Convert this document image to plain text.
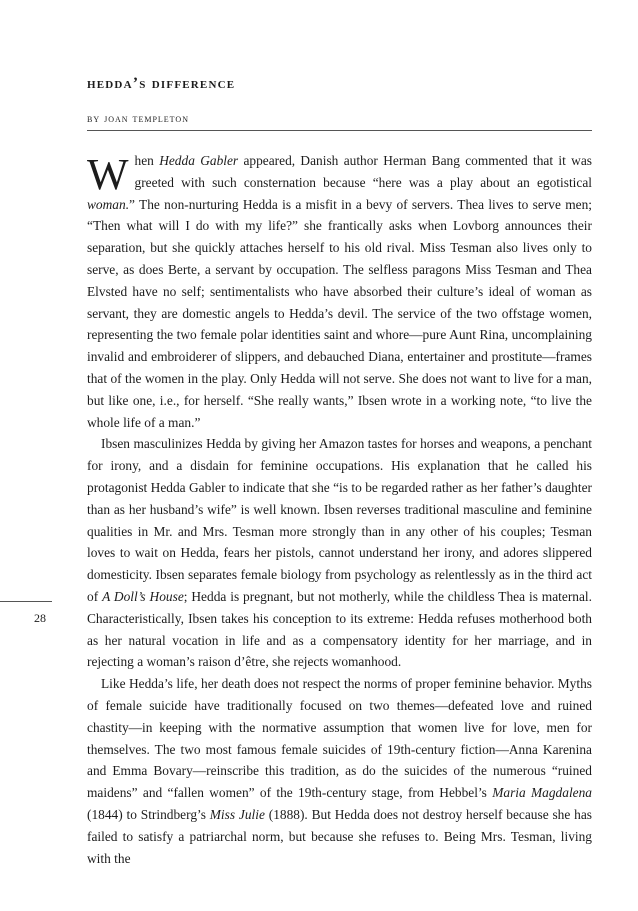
hedda’s difference
by joan templeton
28

When Hedda Gabler appeared, Danish author Herman Bang commented that it was greeted with such consternation because “here was a play about an egotistical woman.” The non-nurturing Hedda is a misfit in a bevy of servers. Thea lives to serve men; “Then what will I do with my life?” she frantically asks when Lovborg announces their separation, but she quickly attaches herself to his old rival. Miss Tesman also lives only to serve, as does Berte, a servant by occupation. The selfless paragons Miss Tesman and Thea Elvsted have no self; sentimentalists who have absorbed their culture’s ideal of woman as servant, they are domestic angels to Hedda’s devil. The service of the two offstage women, representing the two female polar identities saint and whore—pure Aunt Rina, uncomplaining invalid and embroiderer of slippers, and debauched Diana, entertainer and prostitute—frames that of the women in the play. Only Hedda will not serve. She does not want to live for a man, but like one, i.e., for herself. “She really wants,” Ibsen wrote in a working note, “to live the whole life of a man.”

Ibsen masculinizes Hedda by giving her Amazon tastes for horses and weapons, a penchant for irony, and a disdain for feminine occupations. His explanation that he called his protagonist Hedda Gabler to indicate that she “is to be regarded rather as her father’s daughter than as her husband’s wife” is well known. Ibsen reverses traditional masculine and feminine qualities in Mr. and Mrs. Tesman more strongly than in any other of his couples; Tesman loves to wait on Hedda, fears her pistols, cannot understand her irony, and adores slippered domesticity. Ibsen separates female biology from psychology as relentlessly as in the third act of A Doll’s House; Hedda is pregnant, but not motherly, while the childless Thea is maternal. Characteristically, Ibsen takes his conception to its extreme: Hedda refuses motherhood both as her natural vocation in life and as a compensatory identity for her marriage, and in rejecting a woman’s raison d’être, she rejects womanhood.

Like Hedda’s life, her death does not respect the norms of proper feminine behavior. Myths of female suicide have traditionally focused on two themes—defeated love and ruined chastity—in keeping with the normative assumption that women live for love, men for themselves. The two most famous female suicides of 19th-century fiction—Anna Karenina and Emma Bovary—reinscribe this tradition, as do the suicides of the numerous “ruined maidens” and “fallen women” of the 19th-century stage, from Hebbel’s Maria Magdalena (1844) to Strindberg’s Miss Julie (1888). But Hedda does not destroy herself because she has failed to satisfy a patriarchal norm, but because she refuses to. Being Mrs. Tesman, living with the
